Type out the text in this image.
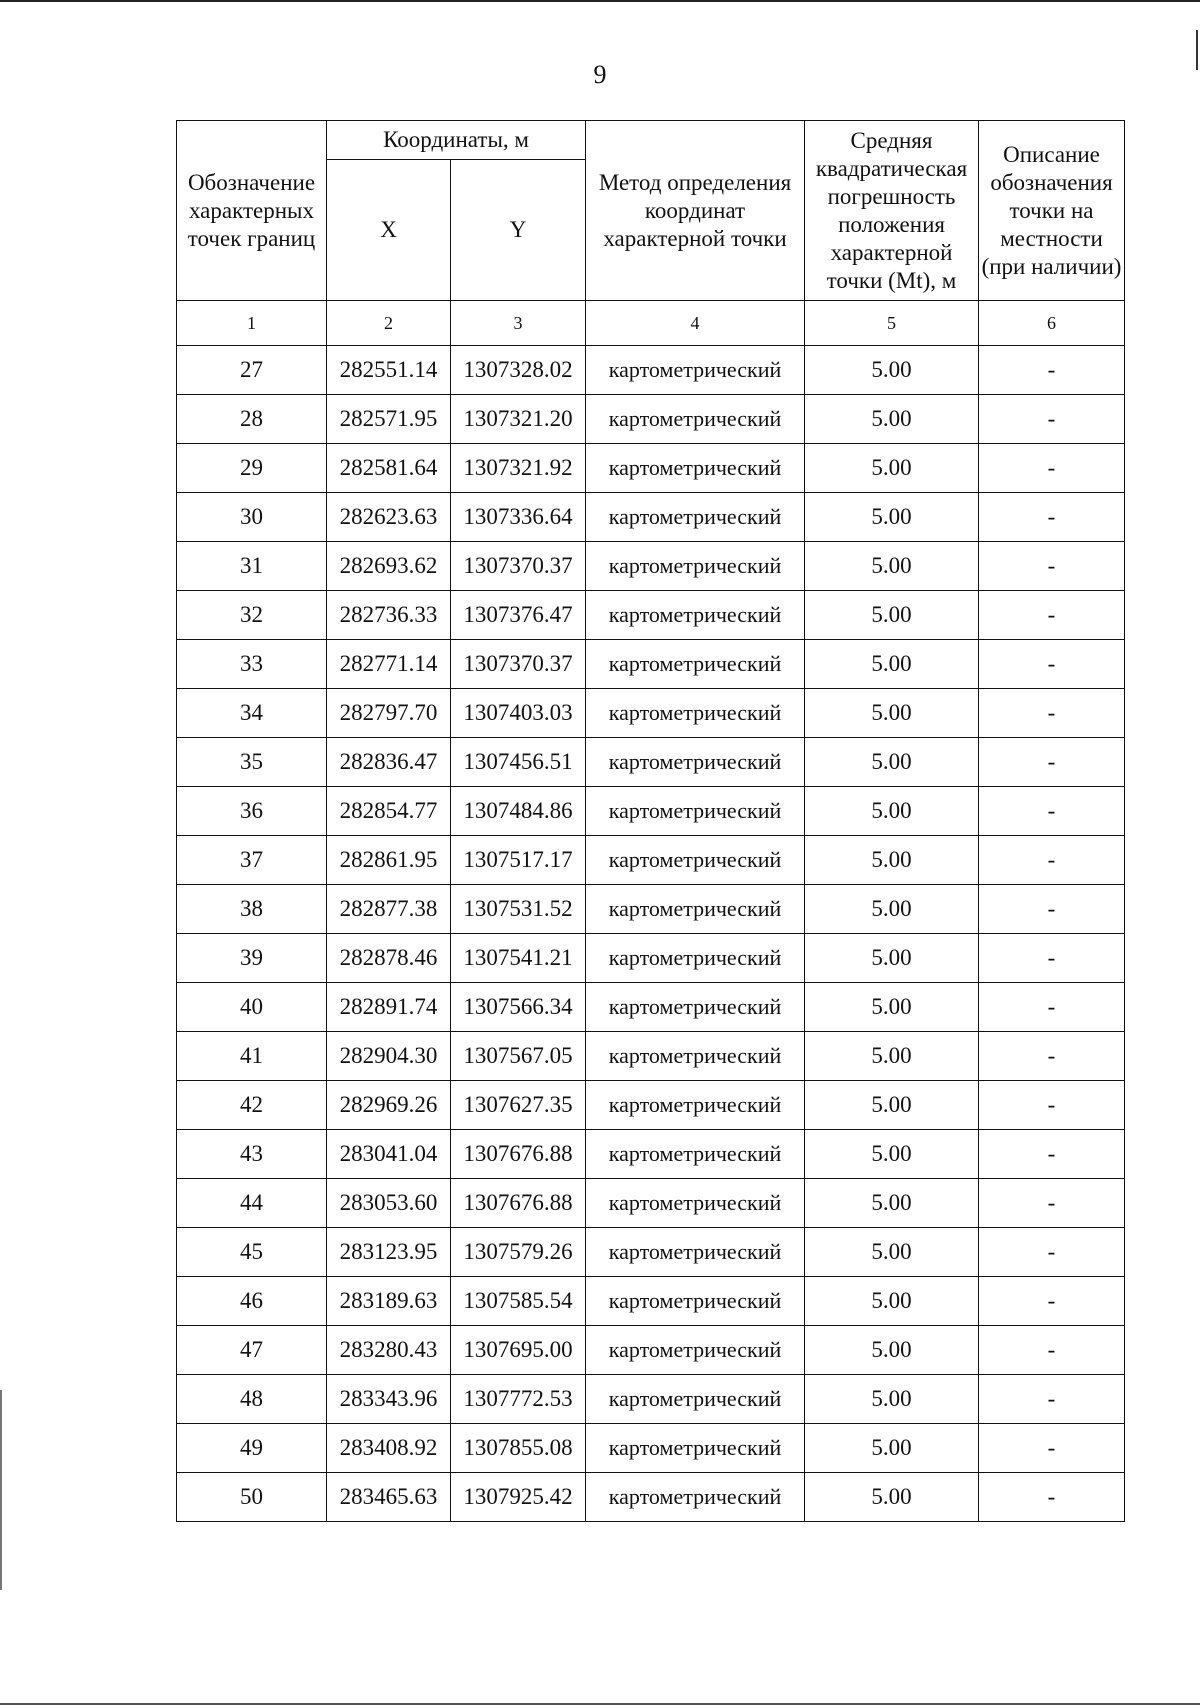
9
Обозначение характерных точек границ	Координаты, м		Метод определения координат характерной точки	Средняя квадратическая погрешность положения характерной точки (Mt), м	Описание обозначения точки на местности (при наличии)
	X	Y			
1	2	3	4	5	6
27	282551.14	1307328.02	картометрический	5.00	-
28	282571.95	1307321.20	картометрический	5.00	-
29	282581.64	1307321.92	картометрический	5.00	-
30	282623.63	1307336.64	картометрический	5.00	-
31	282693.62	1307370.37	картометрический	5.00	-
32	282736.33	1307376.47	картометрический	5.00	-
33	282771.14	1307370.37	картометрический	5.00	-
34	282797.70	1307403.03	картометрический	5.00	-
35	282836.47	1307456.51	картометрический	5.00	-
36	282854.77	1307484.86	картометрический	5.00	-
37	282861.95	1307517.17	картометрический	5.00	-
38	282877.38	1307531.52	картометрический	5.00	-
39	282878.46	1307541.21	картометрический	5.00	-
40	282891.74	1307566.34	картометрический	5.00	-
41	282904.30	1307567.05	картометрический	5.00	-
42	282969.26	1307627.35	картометрический	5.00	-
43	283041.04	1307676.88	картометрический	5.00	-
44	283053.60	1307676.88	картометрический	5.00	-
45	283123.95	1307579.26	картометрический	5.00	-
46	283189.63	1307585.54	картометрический	5.00	-
47	283280.43	1307695.00	картометрический	5.00	-
48	283343.96	1307772.53	картометрический	5.00	-
49	283408.92	1307855.08	картометрический	5.00	-
50	283465.63	1307925.42	картометрический	5.00	-
